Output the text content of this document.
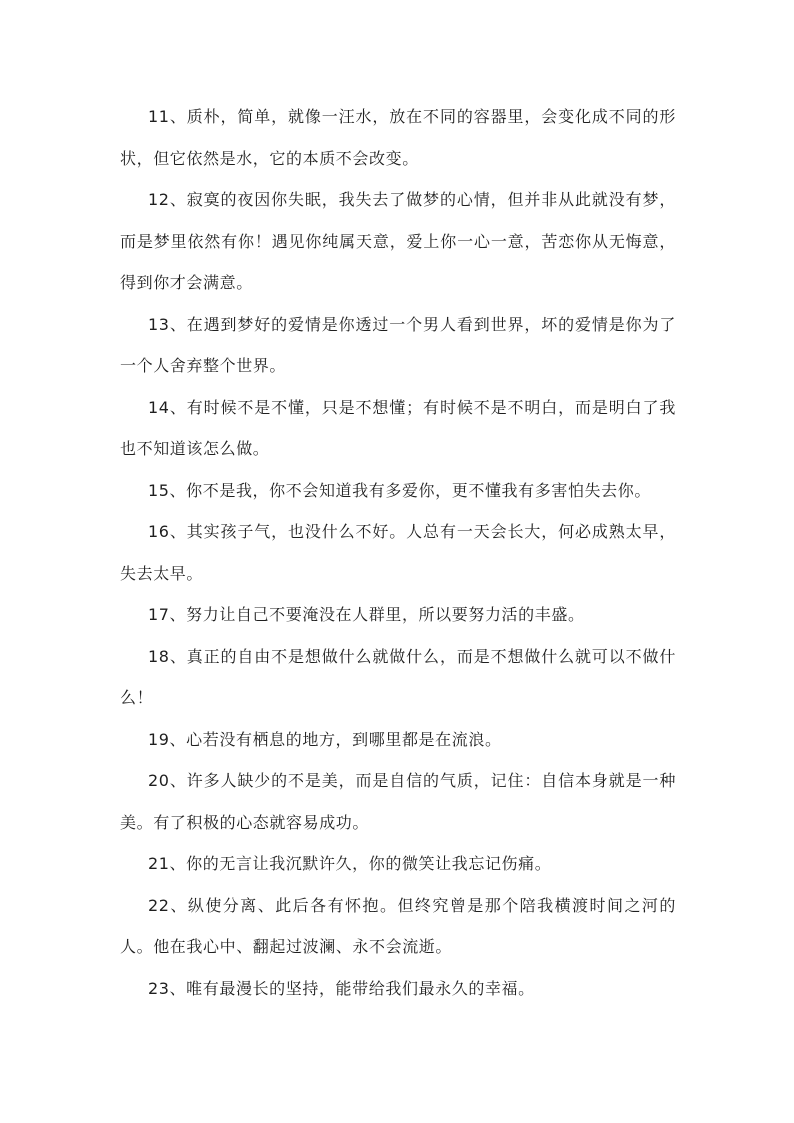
11、质朴，简单，就像一汪水，放在不同的容器里，会变化成不同的形状，但它依然是水，它的本质不会改变。

12、寂寞的夜因你失眠，我失去了做梦的心情，但并非从此就没有梦，而是梦里依然有你！遇见你纯属天意，爱上你一心一意，苦恋你从无悔意，得到你才会满意。

13、在遇到梦好的爱情是你透过一个男人看到世界，坏的爱情是你为了一个人舍弃整个世界。

14、有时候不是不懂，只是不想懂；有时候不是不明白，而是明白了我也不知道该怎么做。

15、你不是我，你不会知道我有多爱你，更不懂我有多害怕失去你。

16、其实孩子气，也没什么不好。人总有一天会长大，何必成熟太早，失去太早。

17、努力让自己不要淹没在人群里，所以要努力活的丰盛。

18、真正的自由不是想做什么就做什么，而是不想做什么就可以不做什么！

19、心若没有栖息的地方，到哪里都是在流浪。

20、许多人缺少的不是美，而是自信的气质，记住：自信本身就是一种美。有了积极的心态就容易成功。

21、你的无言让我沉默许久，你的微笑让我忘记伤痛。

22、纵使分离、此后各有怀抱。但终究曾是那个陪我横渡时间之河的人。他在我心中、翻起过波澜、永不会流逝。

23、唯有最漫长的坚持，能带给我们最永久的幸福。
